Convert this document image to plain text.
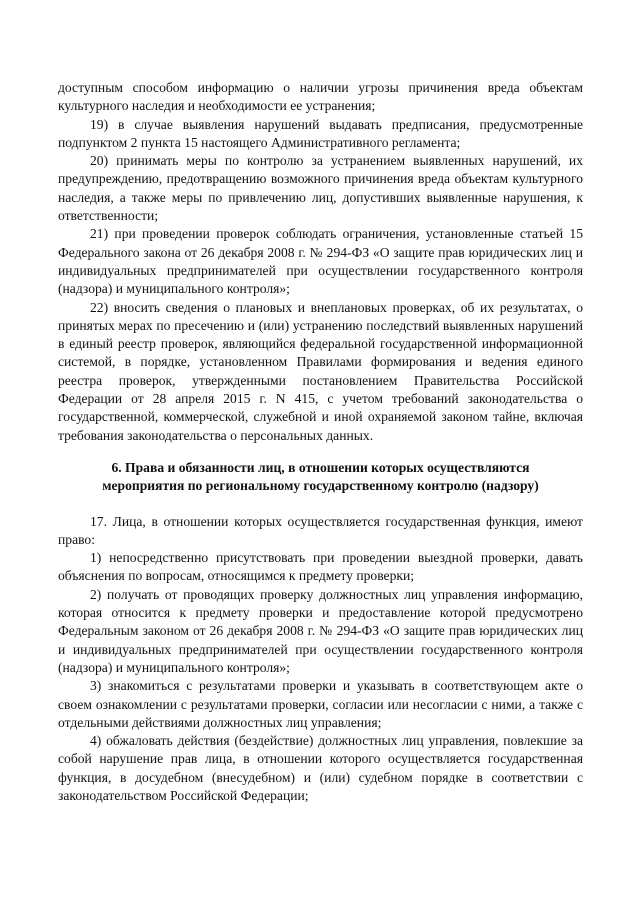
доступным способом информацию о наличии угрозы причинения вреда объектам культурного наследия и необходимости ее устранения;

19) в случае выявления нарушений выдавать предписания, предусмотренные подпунктом 2 пункта 15 настоящего Административного регламента;

20) принимать меры по контролю за устранением выявленных нарушений, их предупреждению, предотвращению возможного причинения вреда объектам культурного наследия, а также меры по привлечению лиц, допустивших выявленные нарушения, к ответственности;

21) при проведении проверок соблюдать ограничения, установленные статьей 15 Федерального закона от 26 декабря 2008 г. № 294-ФЗ «О защите прав юридических лиц и индивидуальных предпринимателей при осуществлении государственного контроля (надзора) и муниципального контроля»;

22) вносить сведения о плановых и внеплановых проверках, об их результатах, о принятых мерах по пресечению и (или) устранению последствий выявленных нарушений в единый реестр проверок, являющийся федеральной государственной информационной системой, в порядке, установленном Правилами формирования и ведения единого реестра проверок, утвержденными постановлением Правительства Российской Федерации от 28 апреля 2015 г. N 415, с учетом требований законодательства о государственной, коммерческой, служебной и иной охраняемой законом тайне, включая требования законодательства о персональных данных.

6. Права и обязанности лиц, в отношении которых осуществляются
мероприятия по региональному государственному контролю (надзору)

17. Лица, в отношении которых осуществляется государственная функция, имеют право:

1) непосредственно присутствовать при проведении выездной проверки, давать объяснения по вопросам, относящимся к предмету проверки;

2) получать от проводящих проверку должностных лиц управления информацию, которая относится к предмету проверки и предоставление которой предусмотрено Федеральным законом от 26 декабря 2008 г. № 294-ФЗ «О защите прав юридических лиц и индивидуальных предпринимателей при осуществлении государственного контроля (надзора) и муниципального контроля»;

3) знакомиться с результатами проверки и указывать в соответствующем акте о своем ознакомлении с результатами проверки, согласии или несогласии с ними, а также с отдельными действиями должностных лиц управления;

4) обжаловать действия (бездействие) должностных лиц управления, повлекшие за собой нарушение прав лица, в отношении которого осуществляется государственная функция, в досудебном (внесудебном) и (или) судебном порядке в соответствии с законодательством Российской Федерации;
